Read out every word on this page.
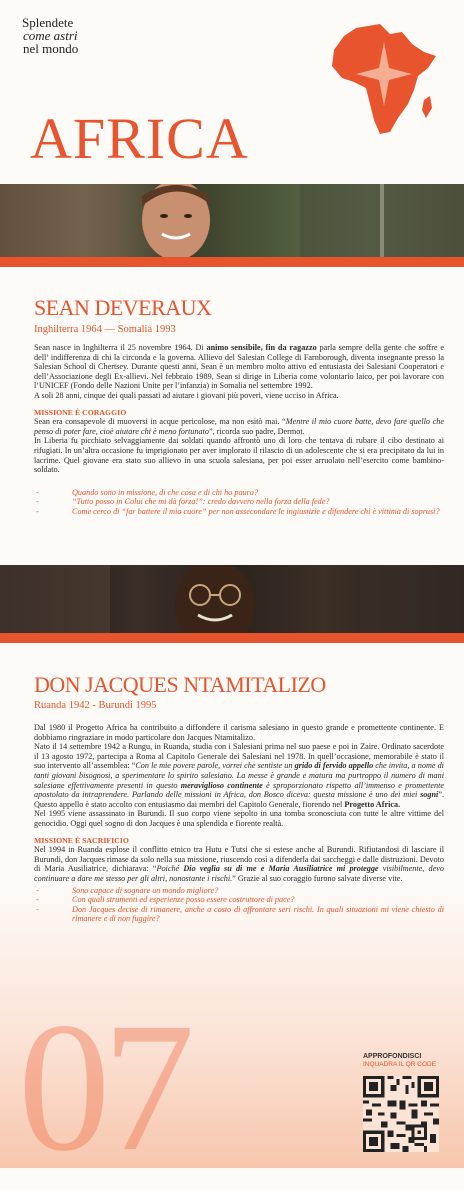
07
Splendete
come astri
nel mondo
AFRICA
SEAN DEVERAUX
Inghilterra 1964 — Somalia 1993

Sean nasce in Inghilterra il 25 novembre 1964. Di animo sensibile, fin da ragazzo parla sempre della gente che soffre e dell’ indifferenza di chi la circonda e la governa. Allievo del Salesian College di Farnborough, diventa insegnante presso la Salesian School di Chertsey. Durante questi anni, Sean è un membro molto attivo ed entusiasta dei Salesiani Cooperatori e dell’Associazione degli Ex-allievi. Nel febbraio 1989, Sean si dirige in Liberia come volontario laico, per poi lavorare con l’UNICEF (Fondo delle Nazioni Unite per l’infanzia) in Somalia nel settembre 1992.

A soli 28 anni, cinque dei quali passati ad aiutare i giovani più poveri, viene ucciso in Africa.

MISSIONE È CORAGGIO

Sean era consapevole di muoversi in acque pericolose, ma non esitò mai. “Mentre il mio cuore batte, devo fare quello che penso di poter fare, cioè aiutare chi è meno fortunato”, ricorda suo padre, Dermot.

In Liberia fu picchiato selvaggiamente dai soldati quando affrontò uno di loro che tentava di rubare il cibo destinato ai rifugiati. In un’altra occasione fu imprigionato per aver implorato il rilascio di un adolescente che si era precipitato da lui in lacrime. Quel giovane era stato suo allievo in una scuola salesiana, per poi esser arruolato nell’esercito come bambino-soldato.

- Quando sono in missione, di che cosa e di chi ho paura?
- “Tutto posso in Colui che mi dà forza!”: credo davvero nella forza della fede?
- Come cerco di “far battere il mio cuore” per non assecondare le ingiustizie e difendere chi è vittima di soprusi?
DON JACQUES NTAMITALIZO
Ruanda 1942 - Burundi 1995

Dal 1980 il Progetto Africa ha contribuito a diffondere il carisma salesiano in questo grande e promettente continente. E dobbiamo ringraziare in modo particolare don Jacques Ntamitalizo.

Nato il 14 settembre 1942 a Rungu, in Ruanda, studia con i Salesiani prima nel suo paese e poi in Zaire. Ordinato sacerdote il 13 agosto 1972, partecipa a Roma al Capitolo Generale dei Salesiani nel 1978. In quell’occasione, memorabile è stato il suo intervento all’assemblea: “Con le mie povere parole, vorrei che sentiste un grido di fervido appello che invita, a nome di tanti giovani bisognosi, a sperimentare lo spirito salesiano. La messe è grande e matura ma purtroppo il numero di mani salesiane effettivamente presenti in questo meraviglioso continente è sproporzionato rispetto all’immenso e promettente apostolato da intraprendere. Parlando delle missioni in Africa, don Bosco diceva: questa missione è uno dei miei sogni”. Questo appello è stato accolto con entusiasmo dai membri del Capitolo Generale, fiorendo nel Progetto Africa.

Nel 1995 viene assassinato in Burundi. Il suo corpo viene sepolto in una tomba sconosciuta con tutte le altre vittime del genocidio. Oggi quel sogno di don Jacques è una splendida e fiorente realtà.

MISSIONE È SACRIFICIO

Nel 1994 in Ruanda esplose il conflitto etnico tra Hutu e Tutsi che si estese anche al Burundi. Rifiutandosi di lasciare il Burundi, don Jacques rimase da solo nella sua missione, riuscendo così a difenderla dai saccheggi e dalle distruzioni. Devoto di Maria Ausiliatrice, dichiarava: “Poiché Dio veglia su di me e Maria Ausiliatrice mi protegge visibilmente, devo continuare a dare me stesso per gli altri, nonostante i rischi.” Grazie al suo coraggio furono salvate diverse vite.

- Sono capace di sognare un mondo migliore?
- Con quali strumenti ed esperienze posso essere costruttore di pace?
- Don Jacques decise di rimanere, anche a costo di affrontare seri rischi. In quali situazioni mi viene chiesto di rimanere e di non fuggire?
APPROFONDISCI
INQUADRA IL QR CODE
